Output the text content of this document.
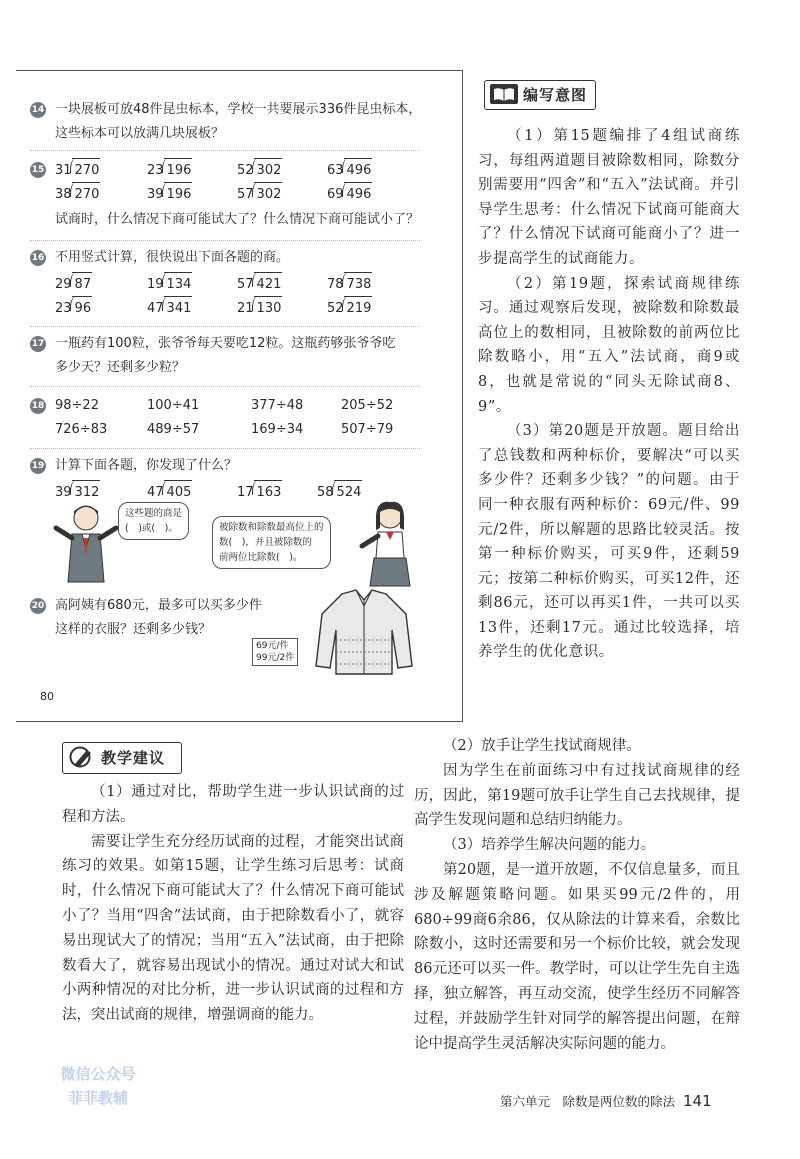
14 一块展板可放48件昆虫标本，学校一共要展示336件昆虫标本，
这些标本可以放满几块展板？
15 31 270	23 196	52 302	63 496
38 270	39 196	57 302	69 496
试商时，什么情况下商可能试大了？什么情况下商可能试小了？
16 不用竖式计算，很快说出下面各题的商。
29 87	19 134	57 421	78 738
23 96	47 341	21 130	52 219
17 一瓶药有100粒，张爷爷每天要吃12粒。这瓶药够张爷爷吃
多少天？还剩多少粒？
18 98÷22	100÷41	377÷48	205÷52
726÷83	489÷57	169÷34	507÷79
19 计算下面各题，你发现了什么？
39 312	47 405	17 163	58 524
这些题的商是
(　)或(　)。	被除数和除数最高位上的
数(　)，并且被除数的
前两位比除数(　)。
20 高阿姨有680元，最多可以买多少件
这样的衣服？还剩多少钱？
69元/件
99元/2件
80
编写意图

（1）第15题编排了4组试商练习，每组两道题目被除数相同，除数分别需要用“四舍”和“五入”法试商。并引导学生思考：什么情况下试商可能商大了？什么情况下试商可能商小了？进一步提高学生的试商能力。

（2）第19题，探索试商规律练习。通过观察后发现，被除数和除数最高位上的数相同，且被除数的前两位比除数略小，用“五入”法试商，商9或8，也就是常说的“同头无除试商8、9”。

（3）第20题是开放题。题目给出了总钱数和两种标价，要解决“可以买多少件？还剩多少钱？”的问题。由于同一种衣服有两种标价：69元/件、99元/2件，所以解题的思路比较灵活。按第一种标价购买，可买9件，还剩59元；按第二种标价购买，可买12件，还剩86元，还可以再买1件，一共可以买13件，还剩17元。通过比较选择，培养学生的优化意识。

教学建议

（1）通过对比，帮助学生进一步认识试商的过程和方法。

需要让学生充分经历试商的过程，才能突出试商练习的效果。如第15题，让学生练习后思考：试商时，什么情况下商可能试大了？什么情况下商可能试小了？当用“四舍”法试商，由于把除数看小了，就容易出现试大了的情况；当用“五入”法试商，由于把除数看大了，就容易出现试小的情况。通过对试大和试小两种情况的对比分析，进一步认识试商的过程和方法，突出试商的规律，增强调商的能力。

（2）放手让学生找试商规律。

因为学生在前面练习中有过找试商规律的经历，因此，第19题可放手让学生自己去找规律，提高学生发现问题和总结归纳能力。

（3）培养学生解决问题的能力。

第20题，是一道开放题，不仅信息量多，而且涉及解题策略问题。如果买99元/2件的，用680÷99商6余86，仅从除法的计算来看，余数比除数小，这时还需要和另一个标价比较，就会发现86元还可以买一件。教学时，可以让学生先自主选择，独立解答，再互动交流，使学生经历不同解答过程，并鼓励学生针对同学的解答提出问题，在辩论中提高学生灵活解决实际问题的能力。

第六单元　除数是两位数的除法 141
微信公众号
菲菲教辅
